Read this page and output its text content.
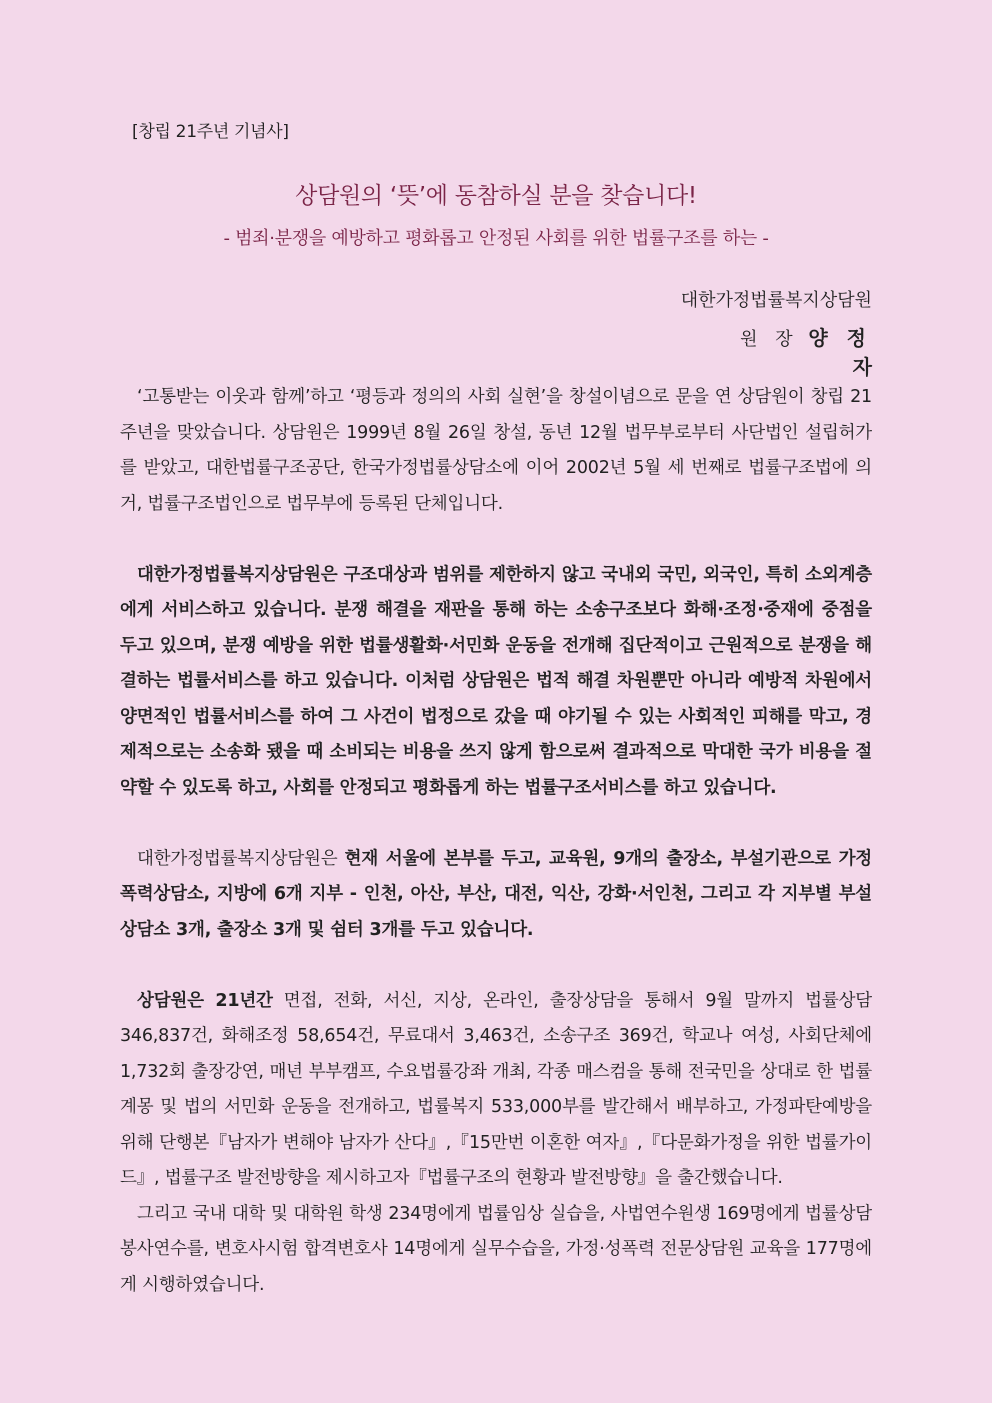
[창립 21주년 기념사]
상담원의 ‘뜻’에 동참하실 분을 찾습니다!
- 범죄·분쟁을 예방하고 평화롭고 안정된 사회를 위한 법률구조를 하는 -
대한가정법률복지상담원
원 장 양 정 자

‘고통받는 이웃과 함께’하고 ‘평등과 정의의 사회 실현’을 창설이념으로 문을 연 상담원이 창립 21주년을 맞았습니다. 상담원은 1999년 8월 26일 창설, 동년 12월 법무부로부터 사단법인 설립허가를 받았고, 대한법률구조공단, 한국가정법률상담소에 이어 2002년 5월 세 번째로 법률구조법에 의거, 법률구조법인으로 법무부에 등록된 단체입니다.

대한가정법률복지상담원은 구조대상과 범위를 제한하지 않고 국내외 국민, 외국인, 특히 소외계층에게 서비스하고 있습니다. 분쟁 해결을 재판을 통해 하는 소송구조보다 화해·조정·중재에 중점을 두고 있으며, 분쟁 예방을 위한 법률생활화·서민화 운동을 전개해 집단적이고 근원적으로 분쟁을 해결하는 법률서비스를 하고 있습니다. 이처럼 상담원은 법적 해결 차원뿐만 아니라 예방적 차원에서 양면적인 법률서비스를 하여 그 사건이 법정으로 갔을 때 야기될 수 있는 사회적인 피해를 막고, 경제적으로는 소송화 됐을 때 소비되는 비용을 쓰지 않게 함으로써 결과적으로 막대한 국가 비용을 절약할 수 있도록 하고, 사회를 안정되고 평화롭게 하는 법률구조서비스를 하고 있습니다.

대한가정법률복지상담원은 현재 서울에 본부를 두고, 교육원, 9개의 출장소, 부설기관으로 가정폭력상담소, 지방에 6개 지부 - 인천, 아산, 부산, 대전, 익산, 강화·서인천, 그리고 각 지부별 부설 상담소 3개, 출장소 3개 및 쉼터 3개를 두고 있습니다.

상담원은 21년간 면접, 전화, 서신, 지상, 온라인, 출장상담을 통해서 9월 말까지 법률상담 346,837건, 화해조정 58,654건, 무료대서 3,463건, 소송구조 369건, 학교나 여성, 사회단체에 1,732회 출장강연, 매년 부부캠프, 수요법률강좌 개최, 각종 매스컴을 통해 전국민을 상대로 한 법률계몽 및 법의 서민화 운동을 전개하고, 법률복지 533,000부를 발간해서 배부하고, 가정파탄예방을 위해 단행본『남자가 변해야 남자가 산다』,『15만번 이혼한 여자』,『다문화가정을 위한 법률가이드』, 법률구조 발전방향을 제시하고자『법률구조의 현황과 발전방향』을 출간했습니다.

그리고 국내 대학 및 대학원 학생 234명에게 법률임상 실습을, 사법연수원생 169명에게 법률상담 봉사연수를, 변호사시험 합격변호사 14명에게 실무수습을, 가정·성폭력 전문상담원 교육을 177명에게 시행하였습니다.
